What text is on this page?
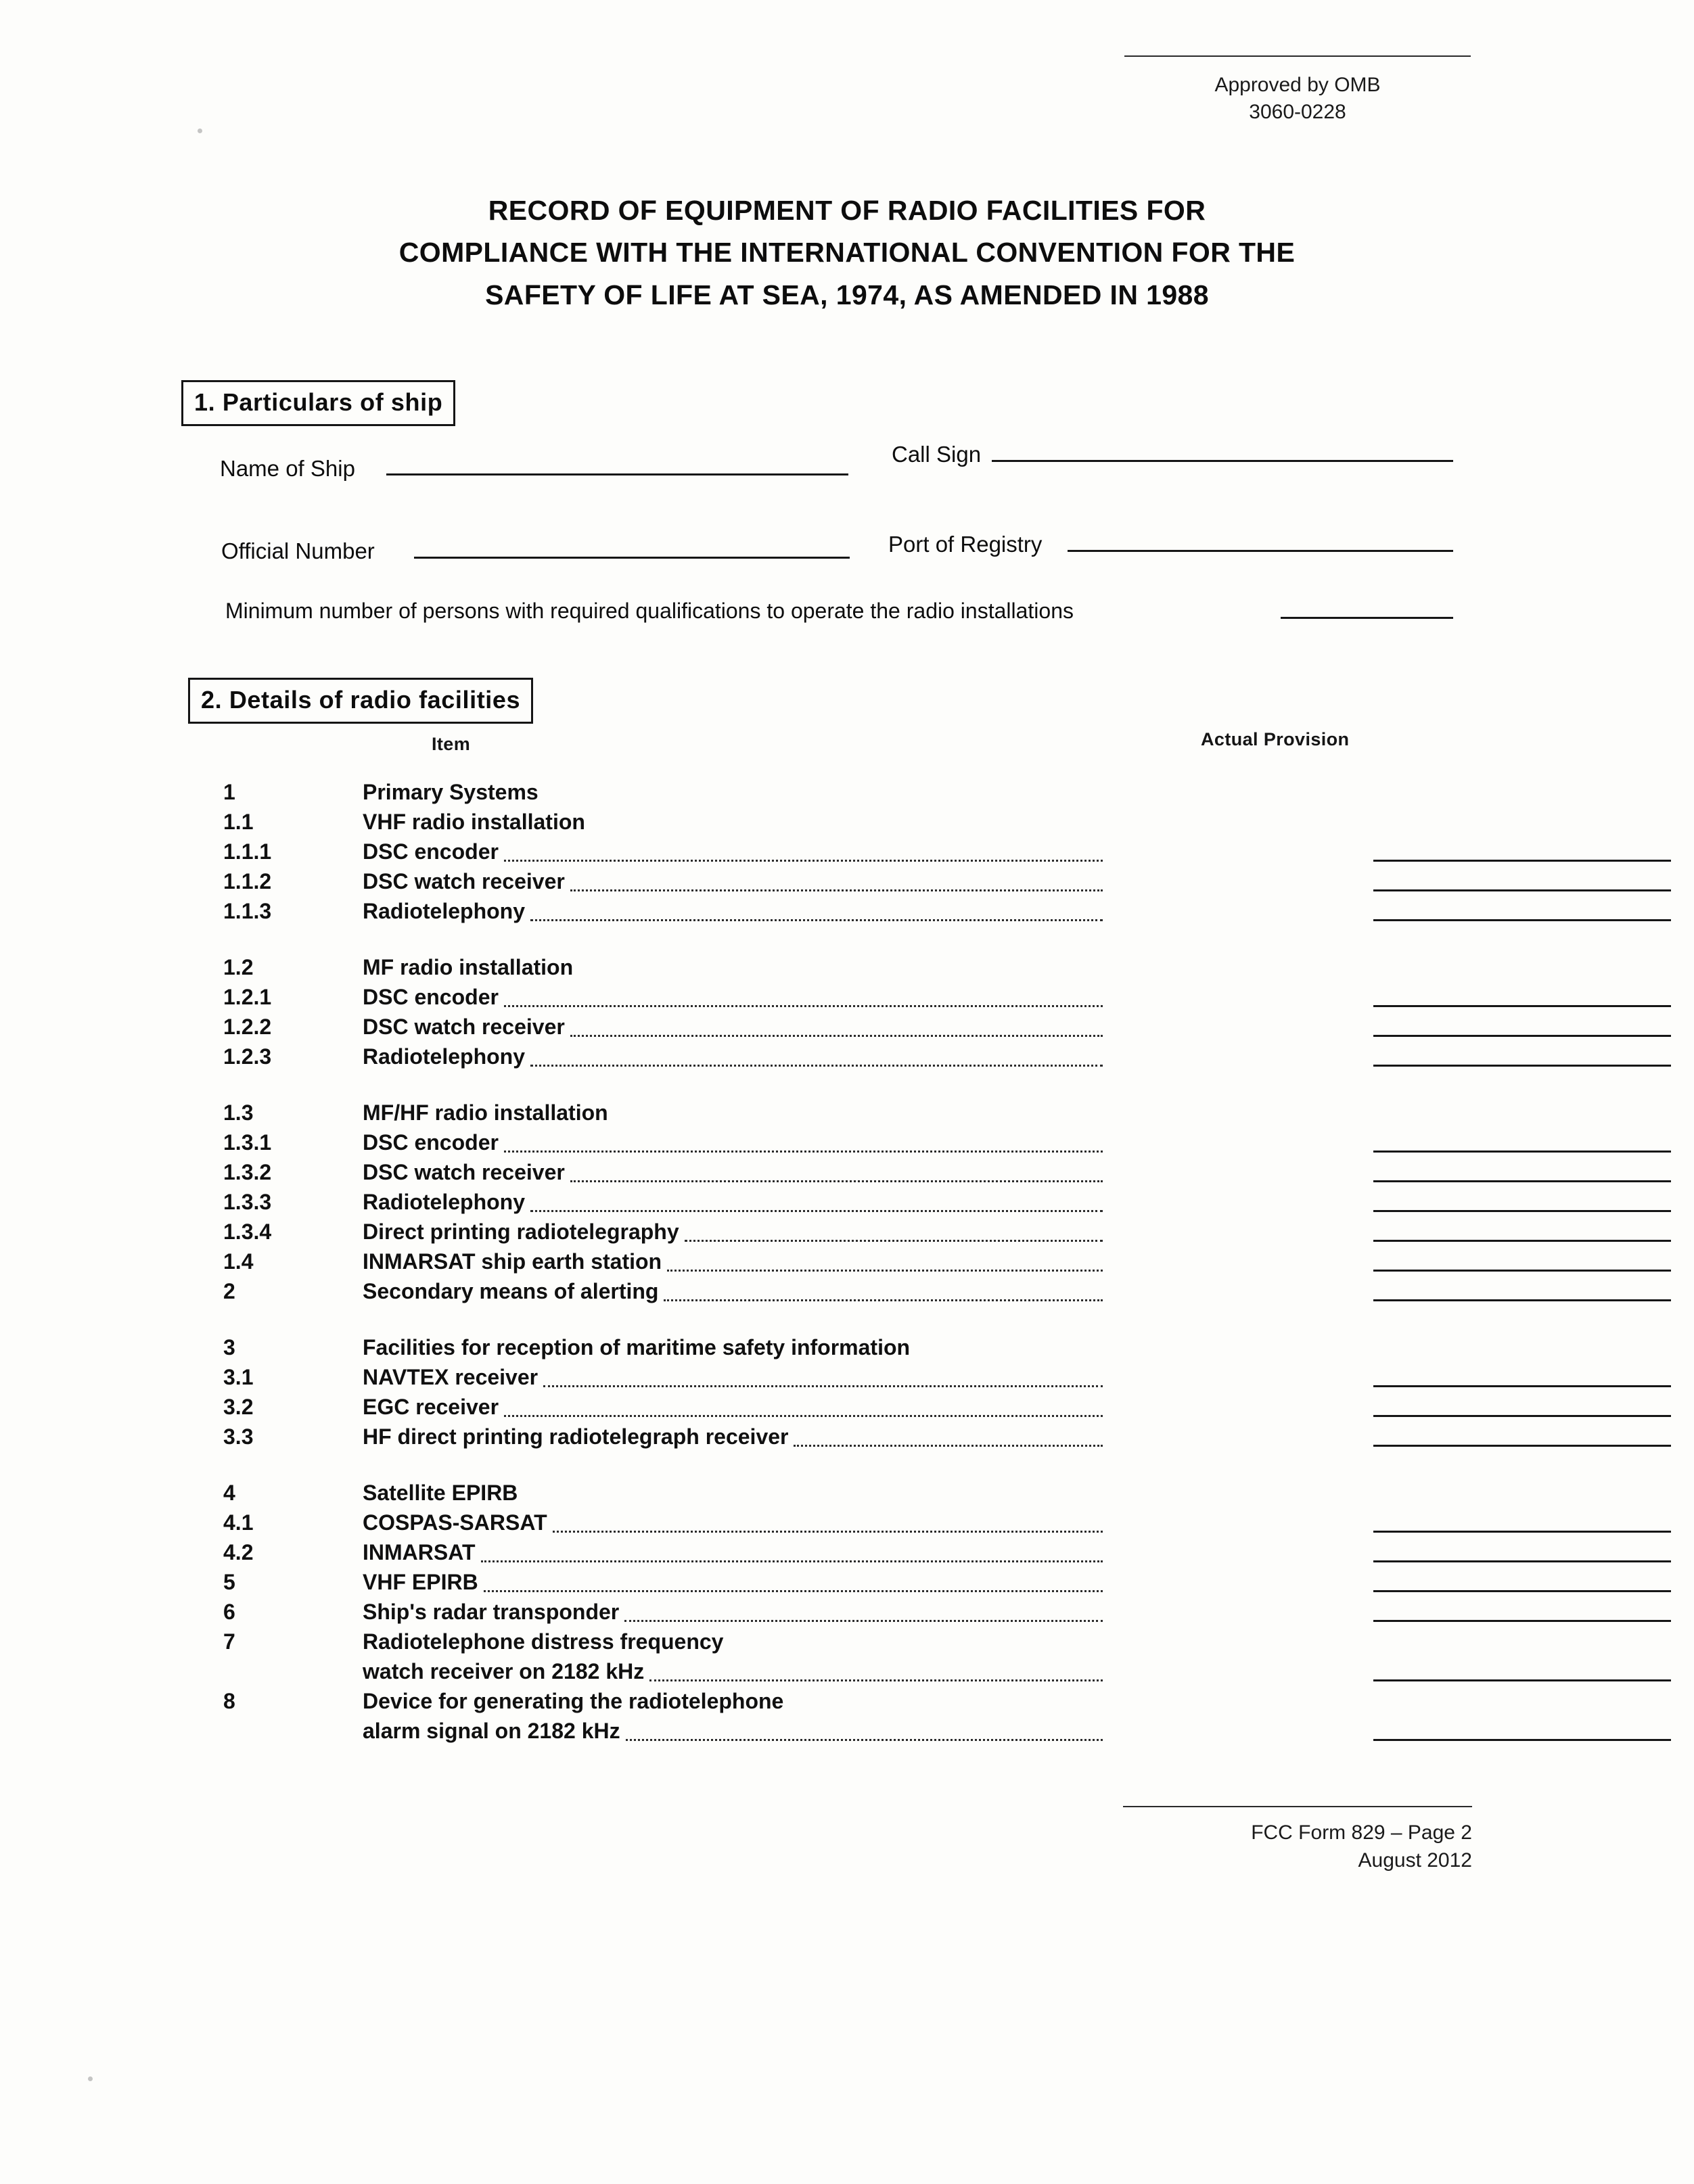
Approved by OMB
3060-0228
RECORD OF EQUIPMENT OF RADIO FACILITIES FOR
COMPLIANCE WITH THE INTERNATIONAL CONVENTION FOR THE
SAFETY OF LIFE AT SEA, 1974, AS AMENDED IN 1988
1. Particulars of ship
Name of Ship
Call Sign
Official Number	Port of Registry
Minimum number of persons with required qualifications to operate the radio installations
2. Details of radio facilities
Item	Actual Provision
1	Primary Systems
1.1	VHF radio installation
1.1.1	DSC encoder
1.1.2	DSC watch receiver
1.1.3	Radiotelephony
1.2	MF radio installation
1.2.1	DSC encoder
1.2.2	DSC watch receiver
1.2.3	Radiotelephony
1.3	MF/HF radio installation
1.3.1	DSC encoder
1.3.2	DSC watch receiver
1.3.3	Radiotelephony
1.3.4	Direct printing radiotelegraphy
1.4	INMARSAT ship earth station
2	Secondary means of alerting
3	Facilities for reception of maritime safety information
3.1	NAVTEX receiver
3.2	EGC receiver
3.3	HF direct printing radiotelegraph receiver
4	Satellite EPIRB
4.1	COSPAS-SARSAT
4.2	INMARSAT
5	VHF EPIRB
6	Ship's radar transponder
7	Radiotelephone distress frequency
watch receiver on 2182 kHz
8	Device for generating the radiotelephone
alarm signal on 2182 kHz
FCC Form 829 – Page 2
August 2012
